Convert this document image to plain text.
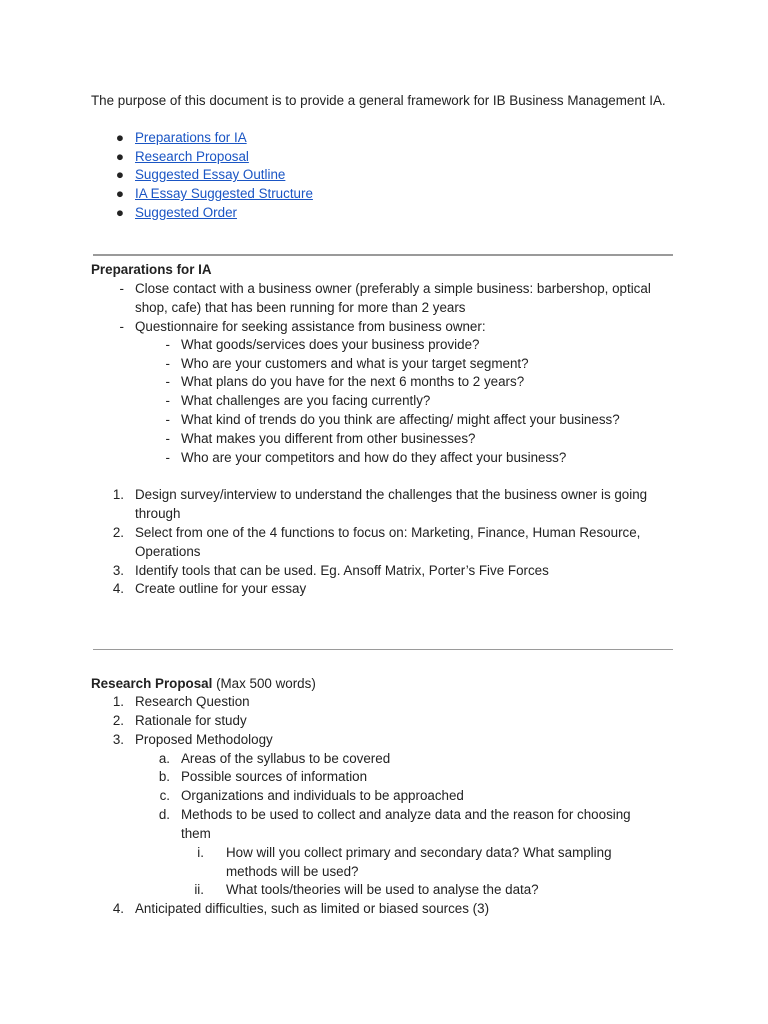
The purpose of this document is to provide a general framework for IB Business Management IA.
● Preparations for IA
● Research Proposal
● Suggested Essay Outline
● IA Essay Suggested Structure
● Suggested Order
Preparations for IA
- Close contact with a business owner (preferably a simple business: barbershop, optical shop, cafe) that has been running for more than 2 years
- Questionnaire for seeking assistance from business owner:
- What goods/services does your business provide?
- Who are your customers and what is your target segment?
- What plans do you have for the next 6 months to 2 years?
- What challenges are you facing currently?
- What kind of trends do you think are affecting/ might affect your business?
- What makes you different from other businesses?
- Who are your competitors and how do they affect your business?
1. Design survey/interview to understand the challenges that the business owner is going through
2. Select from one of the 4 functions to focus on: Marketing, Finance, Human Resource, Operations
3. Identify tools that can be used. Eg. Ansoff Matrix, Porter’s Five Forces
4. Create outline for your essay
Research Proposal (Max 500 words)
1. Research Question
2. Rationale for study
3. Proposed Methodology
a. Areas of the syllabus to be covered
b. Possible sources of information
c. Organizations and individuals to be approached
d. Methods to be used to collect and analyze data and the reason for choosing them
i. How will you collect primary and secondary data? What sampling methods will be used?
ii. What tools/theories will be used to analyse the data?
4. Anticipated difficulties, such as limited or biased sources (3)
